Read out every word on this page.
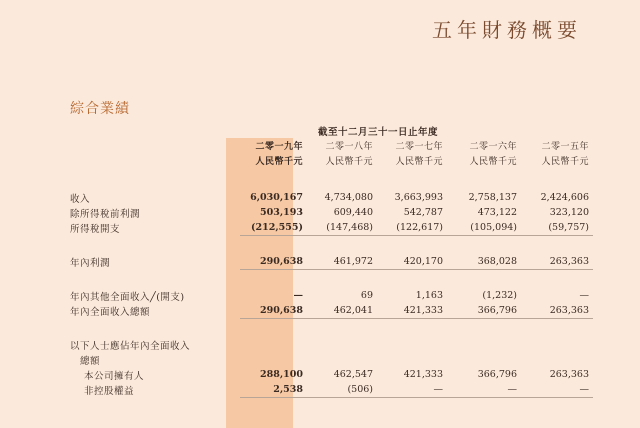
五年財務概要
綜合業績
截至十二月三十一日止年度
	二零一九年	二零一八年	二零一七年	二零一六年	二零一五年
	人民幣千元	人民幣千元	人民幣千元	人民幣千元	人民幣千元

收入	6,030,167	4,734,080	3,663,993	2,758,137	2,424,606
除所得稅前利潤	503,193	609,440	542,787	473,122	323,120
所得稅開支	(212,555)	(147,468)	(122,617)	(105,094)	(59,757)

年內利潤	290,638	461,972	420,170	368,028	263,363

年內其他全面收入╱(開支)	—	69	1,163	(1,232)	—
年內全面收入總額	290,638	462,041	421,333	366,796	263,363

以下人士應佔年內全面收入					
總額					
本公司擁有人	288,100	462,547	421,333	366,796	263,363
非控股權益	2,538	(506)	—	—	—
